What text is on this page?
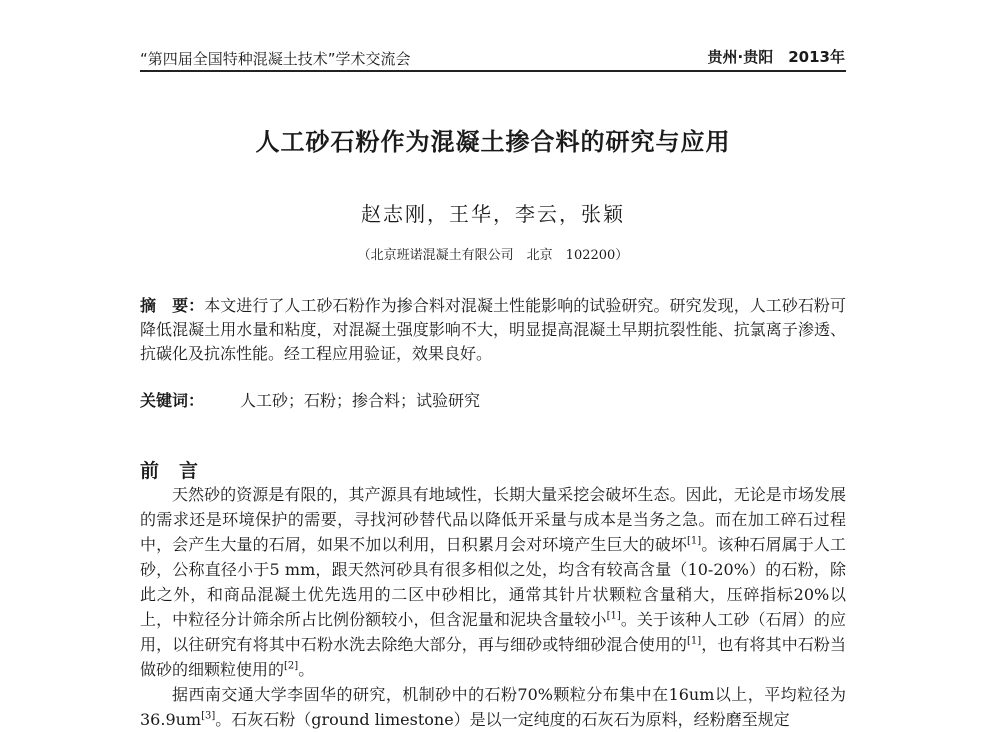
“第四届全国特种混凝土技术”学术交流会	贵州·贵阳　2013年
人工砂石粉作为混凝土掺合料的研究与应用
赵志刚，王华，李云，张颖
（北京班诺混凝土有限公司　北京　102200）
摘　要：本文进行了人工砂石粉作为掺合料对混凝土性能影响的试验研究。研究发现，人工砂石粉可降低混凝土用水量和粘度，对混凝土强度影响不大，明显提高混凝土早期抗裂性能、抗氯离子渗透、抗碳化及抗冻性能。经工程应用验证，效果良好。
关键词： 人工砂；石粉；掺合料；试验研究
前言

天然砂的资源是有限的，其产源具有地域性，长期大量采挖会破坏生态。因此，无论是市场发展的需求还是环境保护的需要，寻找河砂替代品以降低开采量与成本是当务之急。而在加工碎石过程中，会产生大量的石屑，如果不加以利用，日积累月会对环境产生巨大的破坏[1]。该种石屑属于人工砂，公称直径小于5 mm，跟天然河砂具有很多相似之处，均含有较高含量（10-20%）的石粉，除此之外，和商品混凝土优先选用的二区中砂相比，通常其针片状颗粒含量稍大，压碎指标20%以上，中粒径分计筛余所占比例份额较小，但含泥量和泥块含量较小[1]。关于该种人工砂（石屑）的应用，以往研究有将其中石粉水洗去除绝大部分，再与细砂或特细砂混合使用的[1]，也有将其中石粉当做砂的细颗粒使用的[2]。

据西南交通大学李固华的研究，机制砂中的石粉70%颗粒分布集中在16um以上，平均粒径为36.9um[3]。石灰石粉（ground limestone）是以一定纯度的石灰石为原料，经粉磨至规定
